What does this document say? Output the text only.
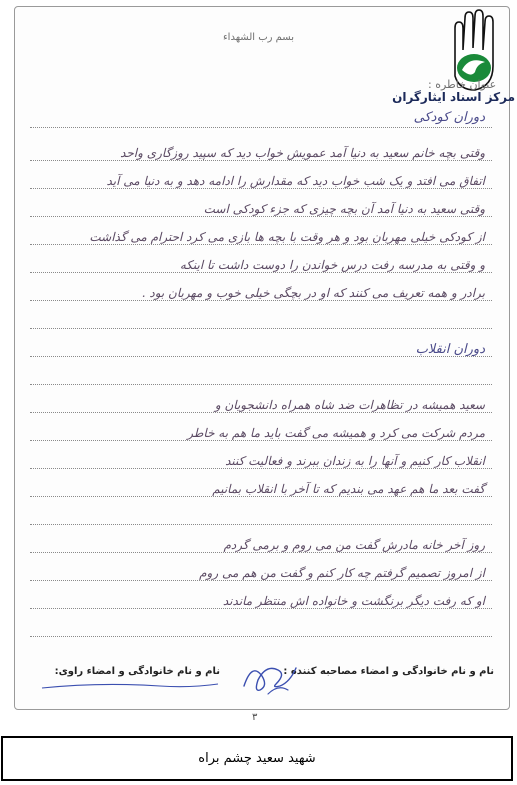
بسم رب الشهداء
مرکز اسناد ایثارگران
عنوان خاطره :
دوران کودکی
وقتی بچه خانم سعید به دنیا آمد عمویش خواب دید که سپید روزگاری واحد
اتفاق می افتد و یک شب خواب دید که مقدارش را ادامه دهد و به دنیا می آید
وقتی سعید به دنیا آمد آن بچه چیزی که جزء کودکی است
از کودکی خیلی مهربان بود و هر وقت با بچه ها بازی می کرد احترام می گذاشت
و وقتی به مدرسه رفت درس خواندن را دوست داشت تا اینکه
برادر و همه تعریف می کنند که او در بچگی خیلی خوب و مهربان بود .
دوران انقلاب
سعید همیشه در تظاهرات ضد شاه همراه دانشجویان و
مردم شرکت می کرد و همیشه می گفت باید ما هم به خاطر
انقلاب کار کنیم و آنها را به زندان ببرند و فعالیت کنند
گفت بعد ما هم عهد می بندیم که تا آخر با انقلاب بمانیم
روز آخر خانه مادرش گفت من می روم و برمی گردم
از امروز تصمیم گرفتم چه کار کنم و گفت من هم می روم
او که رفت دیگر برنگشت و خانواده اش منتظر ماندند
نام و نام خانوادگی و امضاء مصاحبه کننده :
نام و نام خانوادگی و امضاء راوی:
۳
شهید سعید چشم براه
